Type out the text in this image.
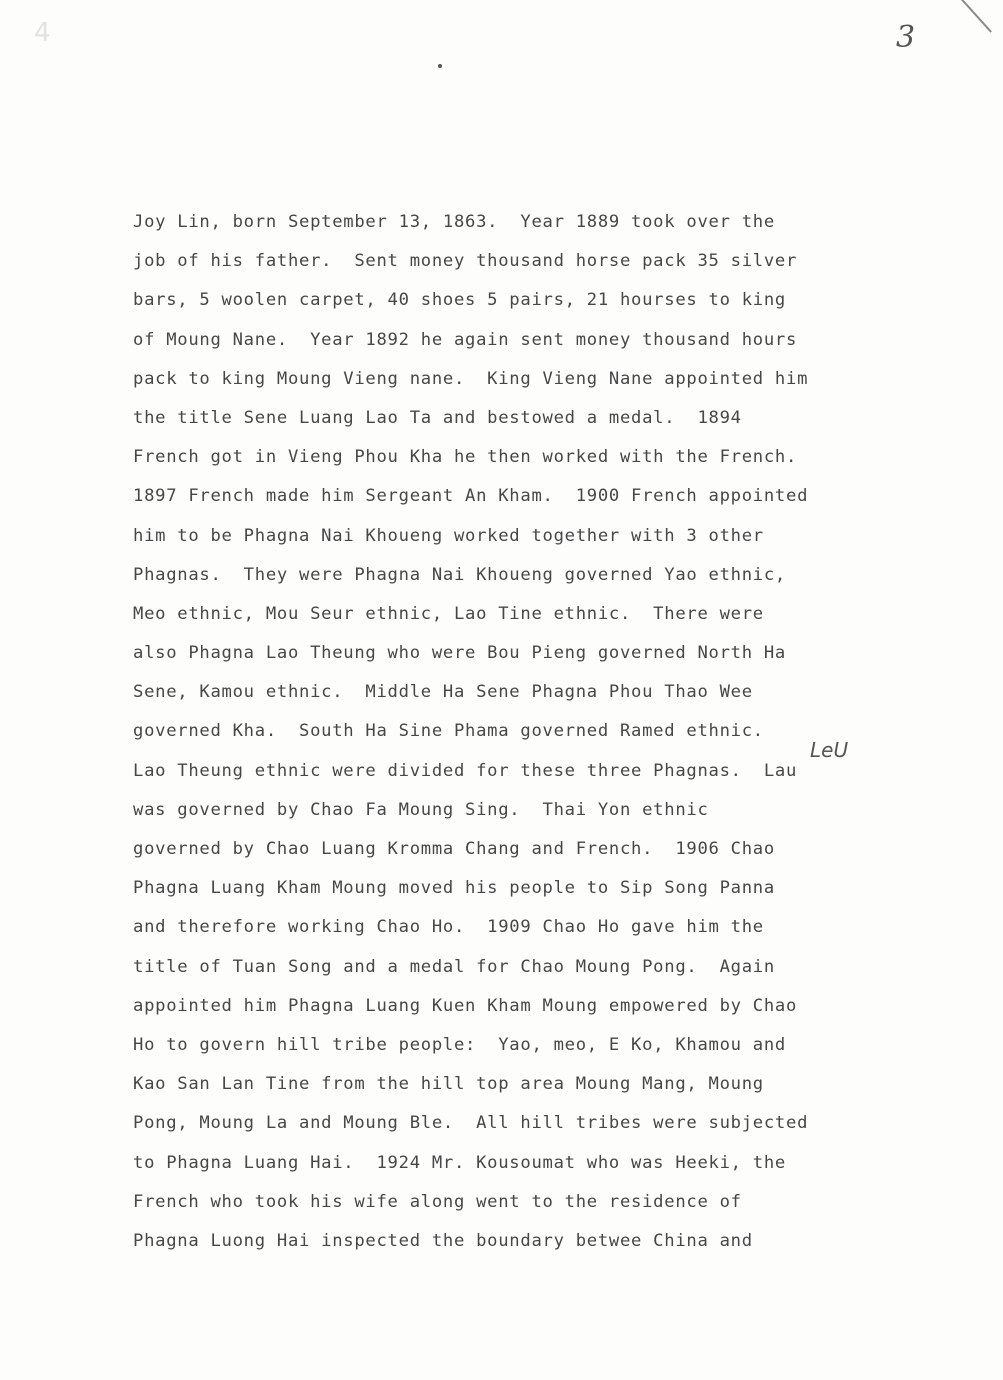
4	3
Joy Lin, born September 13, 1863.  Year 1889 took over the
job of his father.  Sent money thousand horse pack 35 silver
bars, 5 woolen carpet, 40 shoes 5 pairs, 21 hourses to king
of Moung Nane.  Year 1892 he again sent money thousand hours
pack to king Moung Vieng nane.  King Vieng Nane appointed him
the title Sene Luang Lao Ta and bestowed a medal.  1894
French got in Vieng Phou Kha he then worked with the French.
1897 French made him Sergeant An Kham.  1900 French appointed
him to be Phagna Nai Khoueng worked together with 3 other
Phagnas.  They were Phagna Nai Khoueng governed Yao ethnic,
Meo ethnic, Mou Seur ethnic, Lao Tine ethnic.  There were
also Phagna Lao Theung who were Bou Pieng governed North Ha
Sene, Kamou ethnic.  Middle Ha Sene Phagna Phou Thao Wee
governed Kha.  South Ha Sine Phama governed Ramed ethnic.
Lao Theung ethnic were divided for these three Phagnas.  Lau
was governed by Chao Fa Moung Sing.  Thai Yon ethnic
governed by Chao Luang Kromma Chang and French.  1906 Chao
Phagna Luang Kham Moung moved his people to Sip Song Panna
and therefore working Chao Ho.  1909 Chao Ho gave him the
title of Tuan Song and a medal for Chao Moung Pong.  Again
appointed him Phagna Luang Kuen Kham Moung empowered by Chao
Ho to govern hill tribe people:  Yao, meo, E Ko, Khamou and
Kao San Lan Tine from the hill top area Moung Mang, Moung
Pong, Moung La and Moung Ble.  All hill tribes were subjected
to Phagna Luang Hai.  1924 Mr. Kousoumat who was Heeki, the
French who took his wife along went to the residence of
Phagna Luong Hai inspected the boundary betwee China and
LeU
